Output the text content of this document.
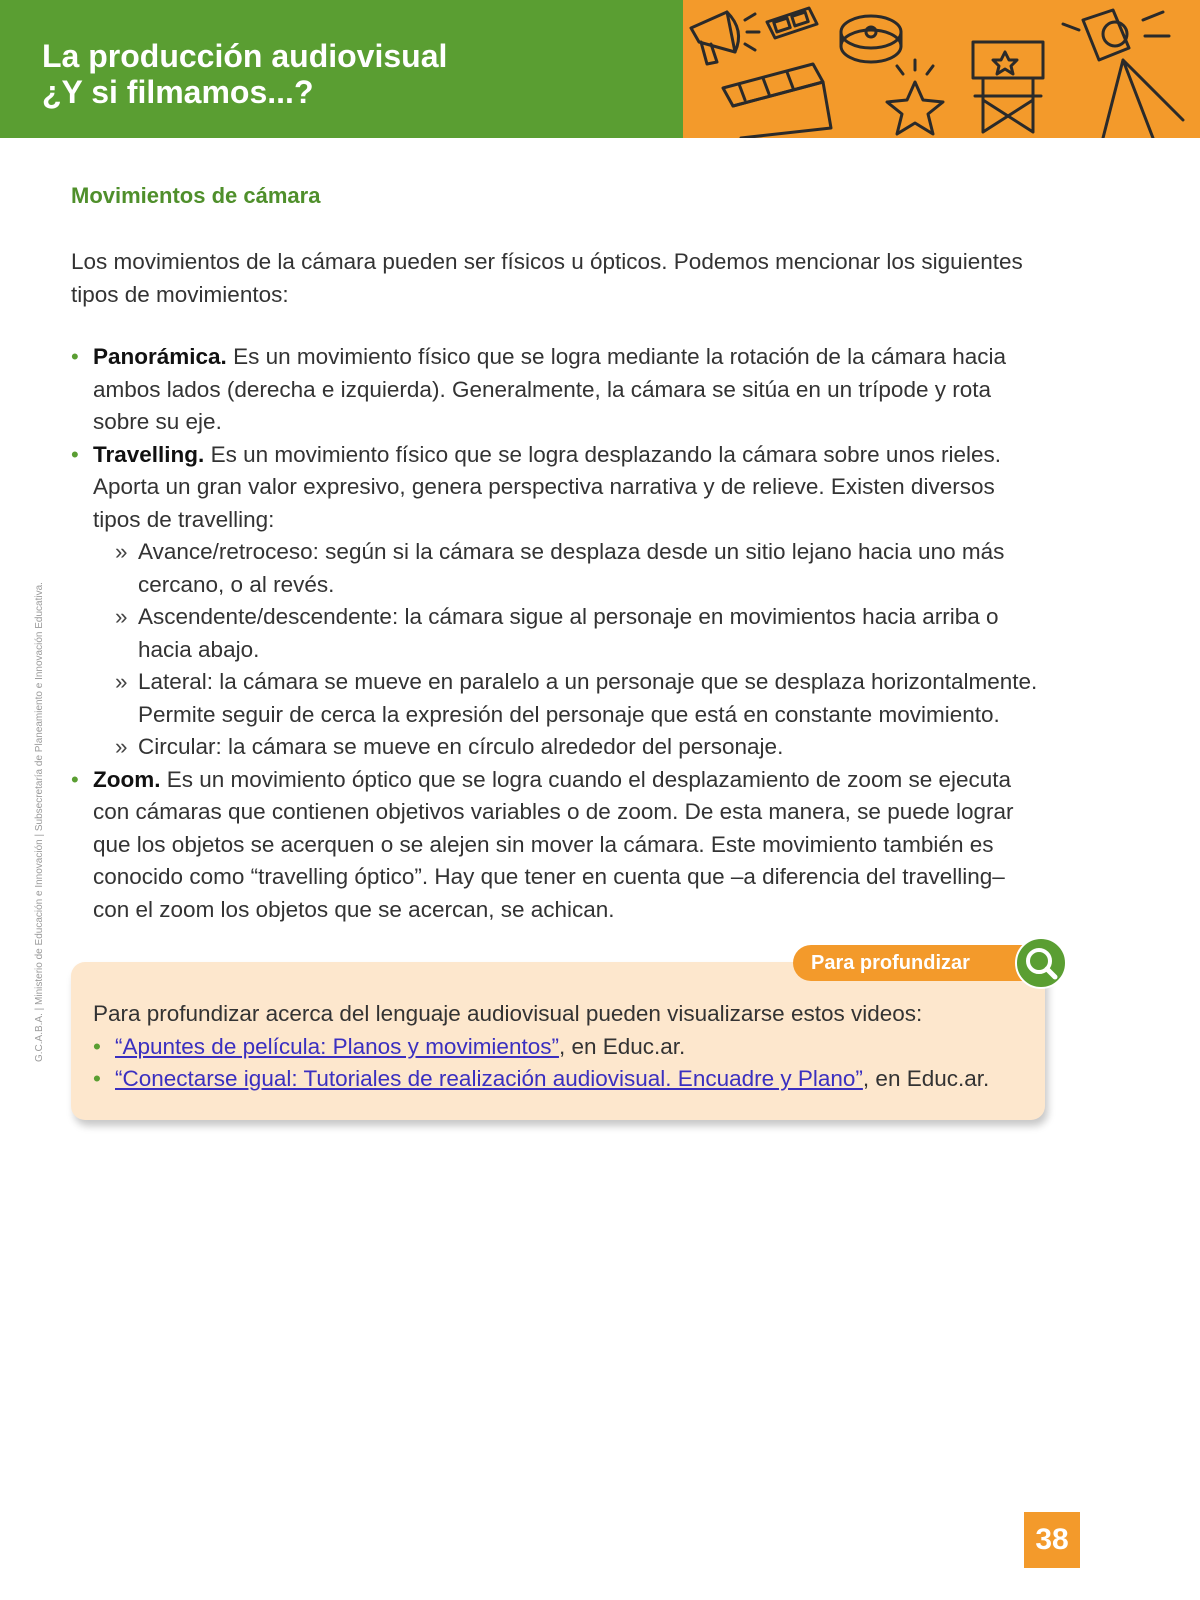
La producción audiovisual
¿Y si filmamos...?
G.C.A.B.A. | Ministerio de Educación e Innovación | Subsecretaría de Planeamiento e Innovación Educativa.
Movimientos de cámara

Los movimientos de la cámara pueden ser físicos u ópticos. Podemos mencionar los siguientes tipos de movimientos:

• Panorámica. Es un movimiento físico que se logra mediante la rotación de la cámara hacia ambos lados (derecha e izquierda). Generalmente, la cámara se sitúa en un trípode y rota sobre su eje.
• Travelling. Es un movimiento físico que se logra desplazando la cámara sobre unos rieles. Aporta un gran valor expresivo, genera perspectiva narrativa y de relieve. Existen diversos tipos de travelling:
» Avance/retroceso: según si la cámara se desplaza desde un sitio lejano hacia uno más cercano, o al revés.
» Ascendente/descendente: la cámara sigue al personaje en movimientos hacia arriba o hacia abajo.
» Lateral: la cámara se mueve en paralelo a un personaje que se desplaza horizontalmente. Permite seguir de cerca la expresión del personaje que está en constante movimiento.
» Circular: la cámara se mueve en círculo alrededor del personaje.
• Zoom. Es un movimiento óptico que se logra cuando el desplazamiento de zoom se ejecuta con cámaras que contienen objetivos variables o de zoom. De esta manera, se puede lograr que los objetos se acerquen o se alejen sin mover la cámara. Este movimiento también es conocido como “travelling óptico”. Hay que tener en cuenta que –a diferencia del travelling– con el zoom los objetos que se acercan, se achican.

Para profundizar acerca del lenguaje audiovisual pueden visualizarse estos videos:

• “Apuntes de película: Planos y movimientos”, en Educ.ar.
• “Conectarse igual: Tutoriales de realización audiovisual. Encuadre y Plano”, en Educ.ar.
Para profundizar
38
